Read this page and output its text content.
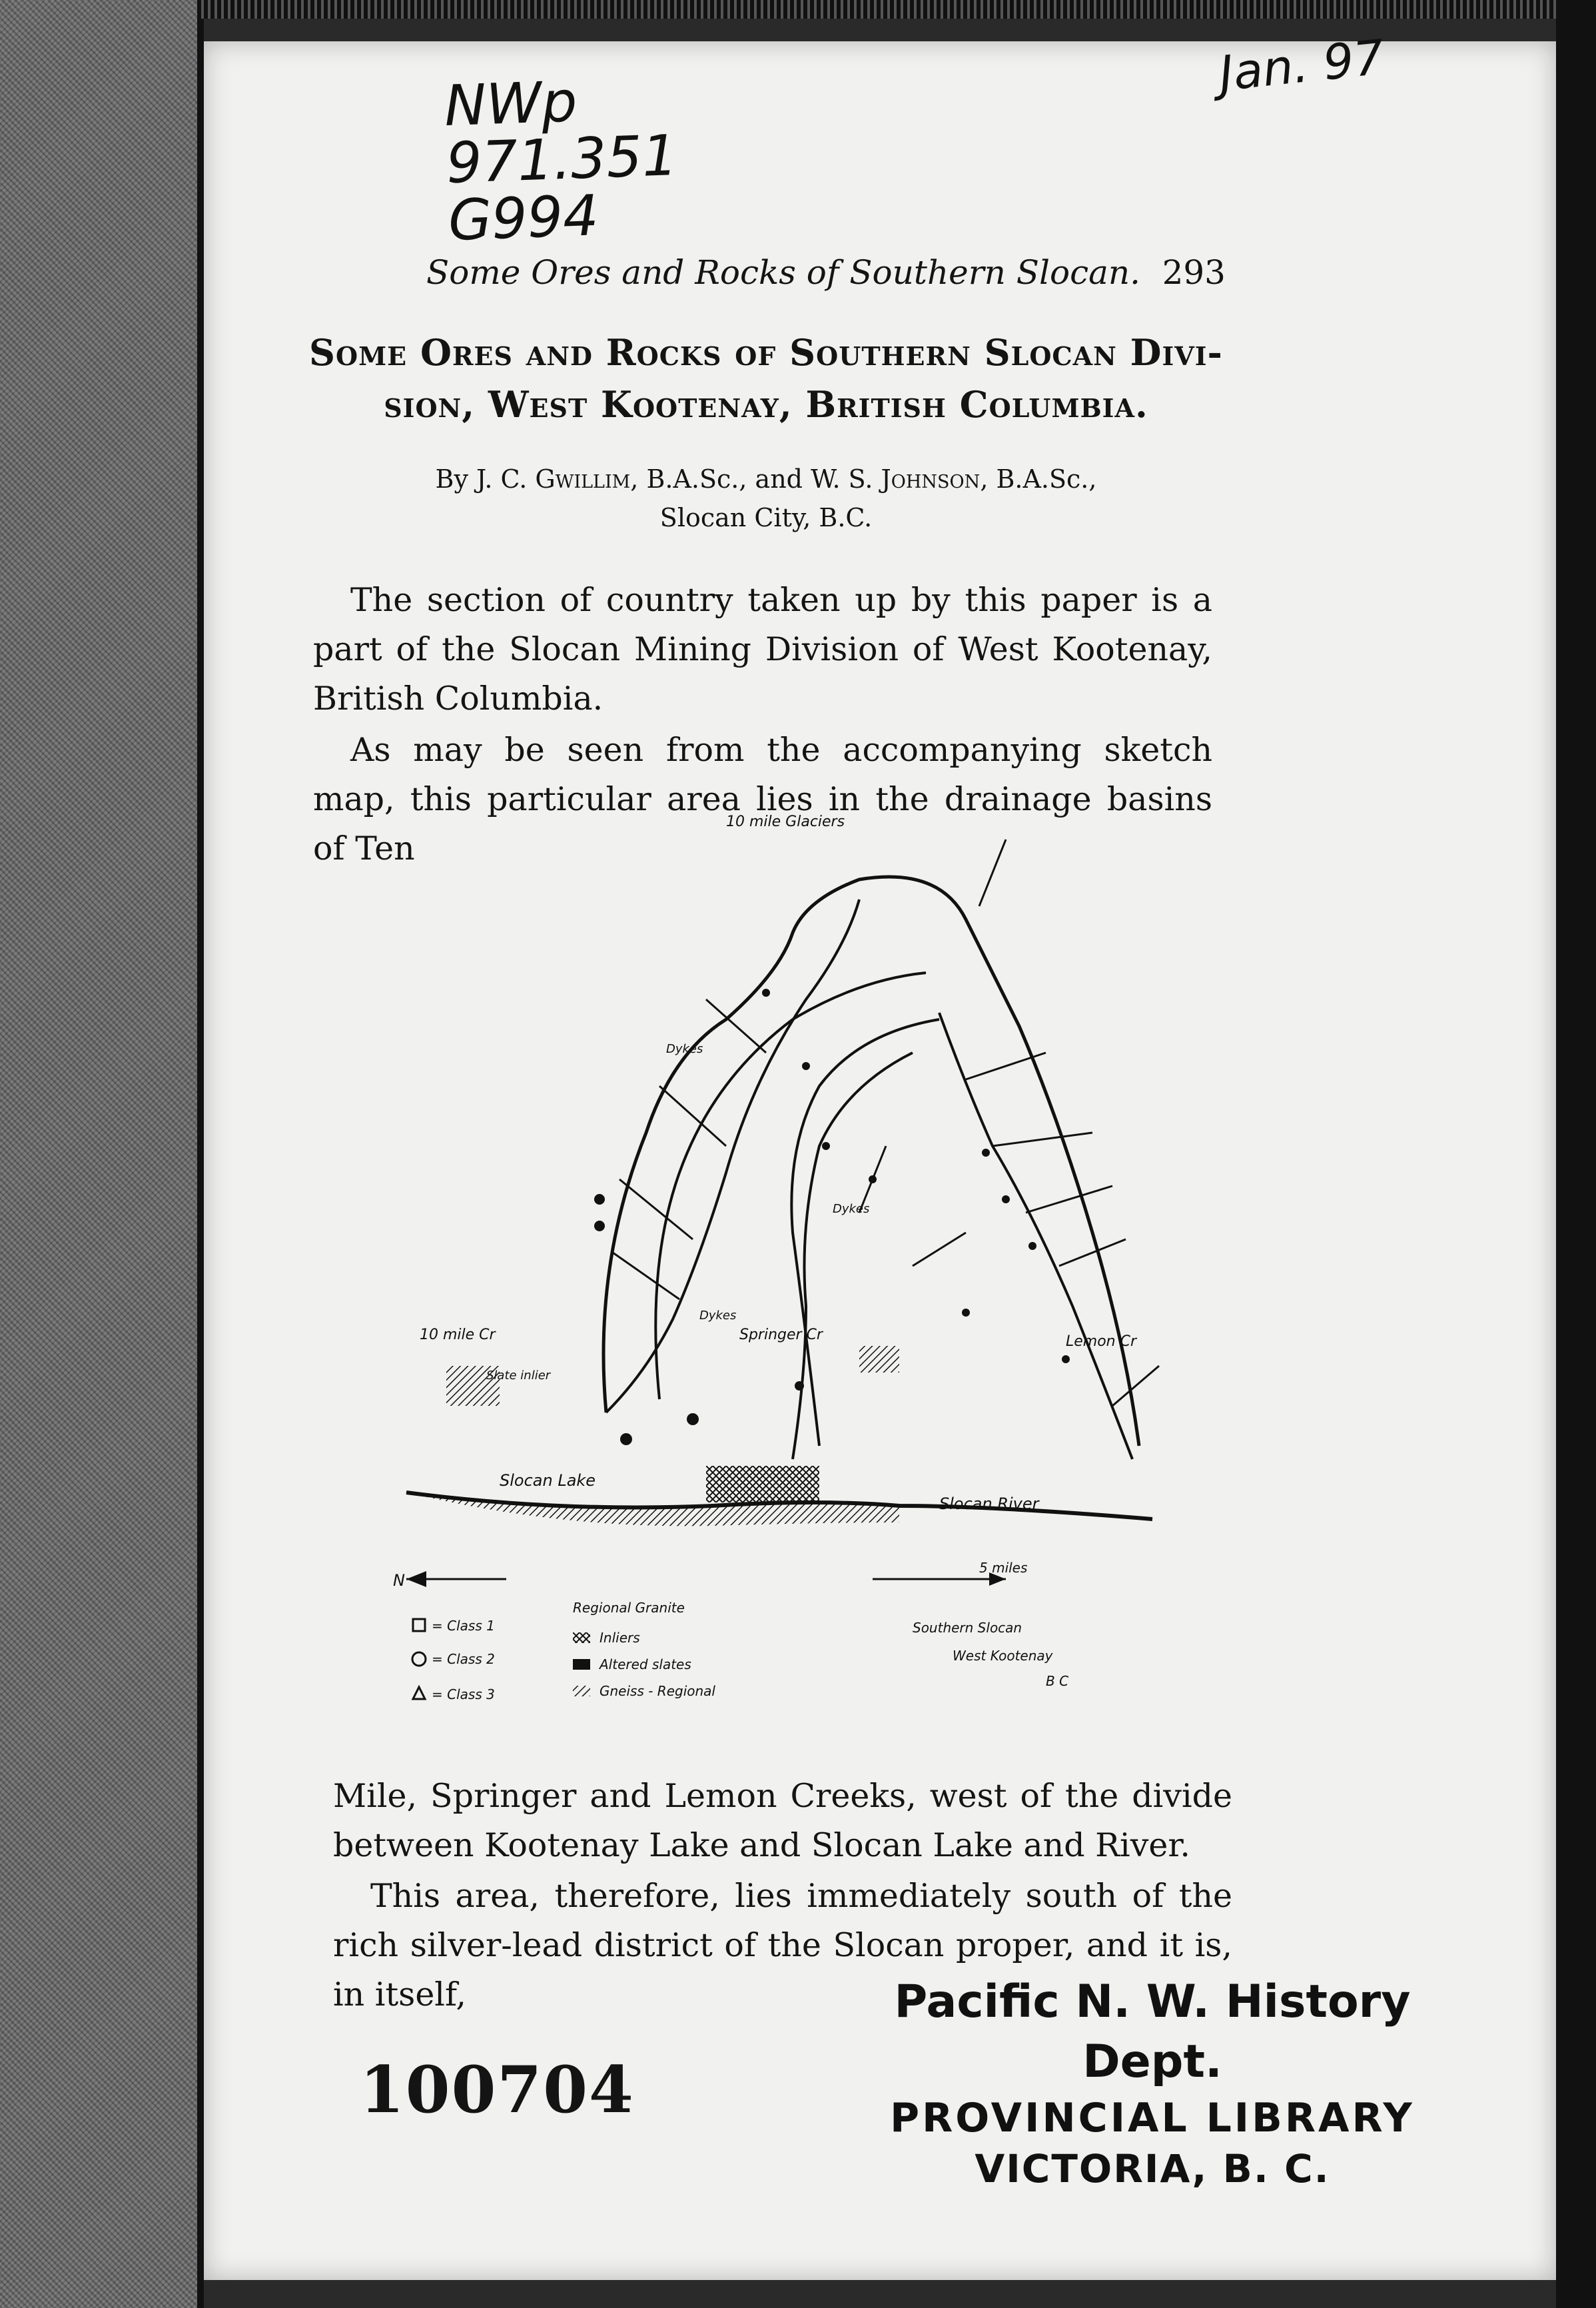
NWp
971.351
G994
Jan. 97
Some Ores and Rocks of Southern Slocan. 293
Some Ores and Rocks of Southern Slocan Divi-
sion, West Kootenay, British Columbia.
By J. C. Gwillim, B.A.Sc., and W. S. Johnson, B.A.Sc.,
Slocan City, B.C.

The section of country taken up by this paper is a part of the Slocan Mining Division of West Kootenay, British Columbia.

As may be seen from the accompanying sketch map, this particular area lies in the drainage basins of Ten

10 mile Glaciers
10 mile Cr	Springer Cr	Lemon Cr
Slate inlier
Slocan Lake
Slocan River
Dykes
Dykes
Dykes
N
5 miles
= Class 1
= Class 2
= Class 3
Regional Granite
Inliers
Altered slates
Gneiss - Regional
Southern Slocan
West Kootenay
B C

Mile, Springer and Lemon Creeks, west of the divide between Kootenay Lake and Slocan Lake and River.

This area, therefore, lies immediately south of the rich silver-lead district of the Slocan proper, and it is, in itself,

100704
Pacific N. W. History Dept.
PROVINCIAL LIBRARY
VICTORIA, B. C.
